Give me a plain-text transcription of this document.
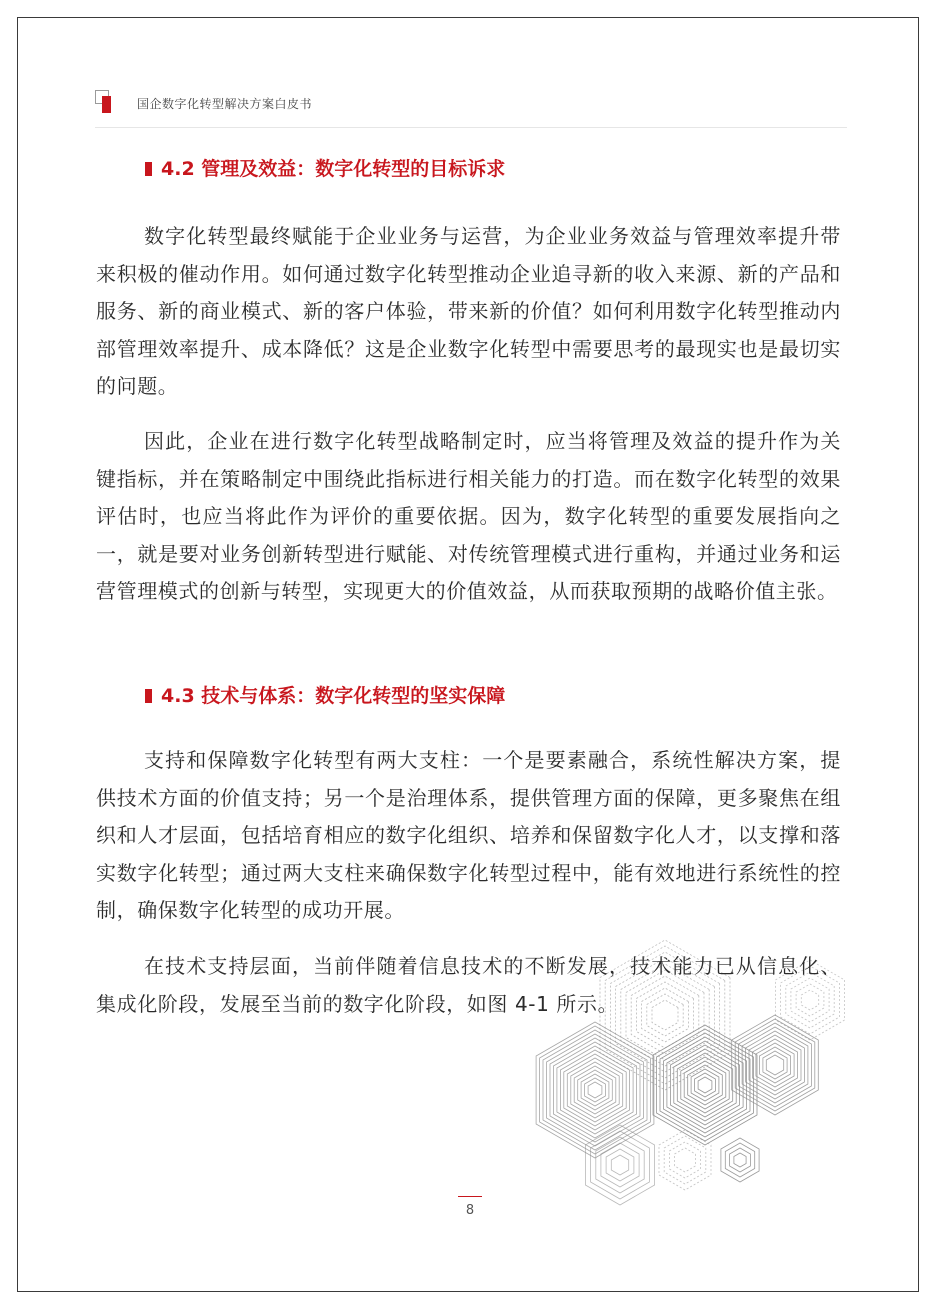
国企数字化转型解决方案白皮书
4.2 管理及效益：数字化转型的目标诉求

数字化转型最终赋能于企业业务与运营，为企业业务效益与管理效率提升带来积极的催动作用。如何通过数字化转型推动企业追寻新的收入来源、新的产品和服务、新的商业模式、新的客户体验，带来新的价值？如何利用数字化转型推动内部管理效率提升、成本降低？这是企业数字化转型中需要思考的最现实也是最切实的问题。

因此，企业在进行数字化转型战略制定时，应当将管理及效益的提升作为关键指标，并在策略制定中围绕此指标进行相关能力的打造。而在数字化转型的效果评估时，也应当将此作为评价的重要依据。因为，数字化转型的重要发展指向之一，就是要对业务创新转型进行赋能、对传统管理模式进行重构，并通过业务和运营管理模式的创新与转型，实现更大的价值效益，从而获取预期的战略价值主张。

4.3 技术与体系：数字化转型的坚实保障

支持和保障数字化转型有两大支柱：一个是要素融合，系统性解决方案，提供技术方面的价值支持；另一个是治理体系，提供管理方面的保障，更多聚焦在组织和人才层面，包括培育相应的数字化组织、培养和保留数字化人才，以支撑和落实数字化转型；通过两大支柱来确保数字化转型过程中，能有效地进行系统性的控制，确保数字化转型的成功开展。

在技术支持层面，当前伴随着信息技术的不断发展，技术能力已从信息化、集成化阶段，发展至当前的数字化阶段，如图 4-1 所示。

8
